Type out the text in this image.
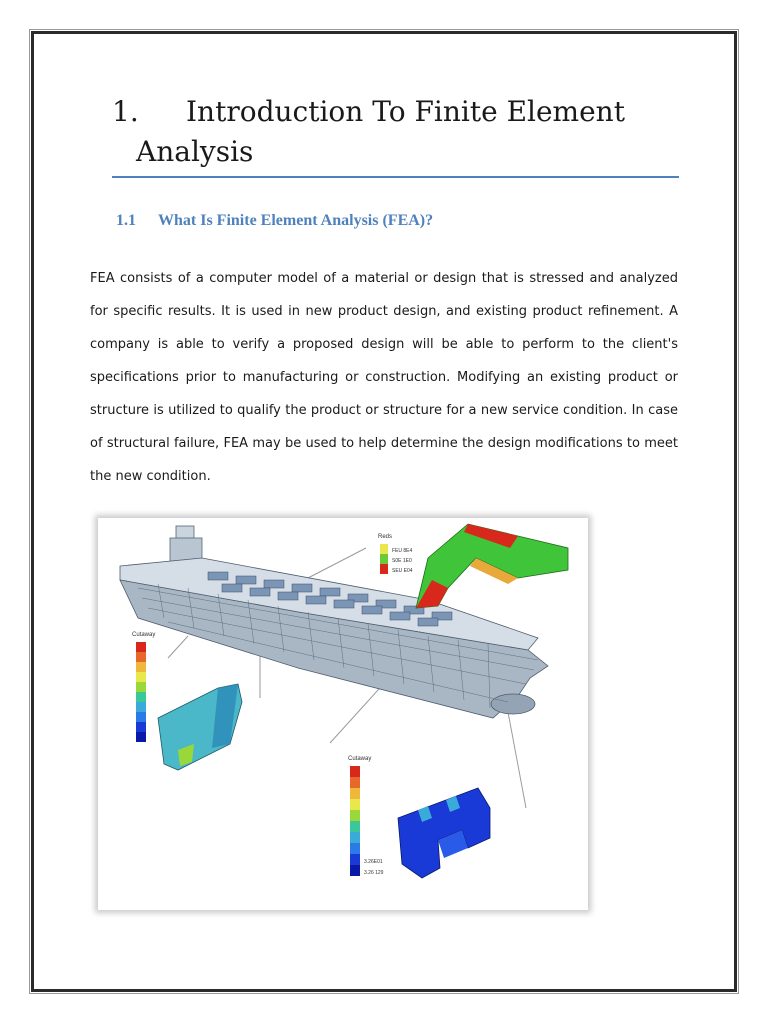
1. Introduction To Finite Element
Analysis
1.1 What Is Finite Element Analysis (FEA)?

FEA consists of a computer model of a material or design that is stressed and analyzed for specific results. It is used in new product design, and existing product refinement. A company is able to verify a proposed design will be able to perform to the client's specifications prior to manufacturing or construction. Modifying an existing product or structure is utilized to qualify the product or structure for a new service condition. In case of structural failure, FEA may be used to help determine the design modifications to meet the new condition.

Reds
FEU 8E4
S0E 1E0
SEU E04
Cutaway
Cutaway
3.26E01
3.26 129
